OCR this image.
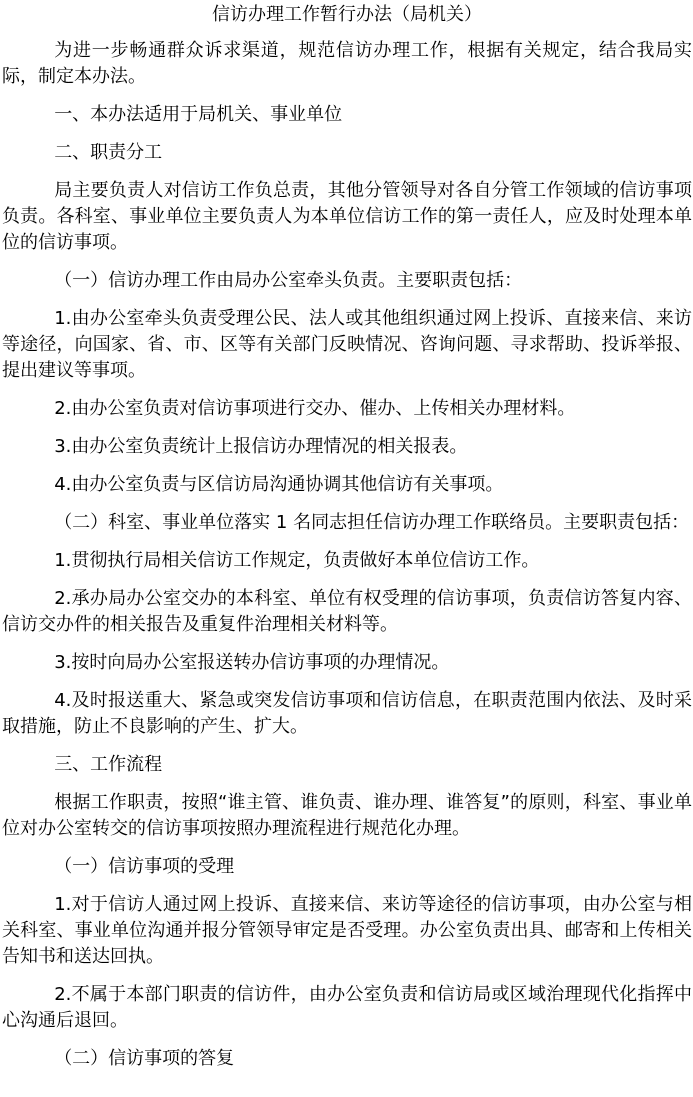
信访办理工作暂行办法（局机关）

为进一步畅通群众诉求渠道，规范信访办理工作，根据有关规定，结合我局实际，制定本办法。

一、本办法适用于局机关、事业单位

二、职责分工

局主要负责人对信访工作负总责，其他分管领导对各自分管工作领域的信访事项负责。各科室、事业单位主要负责人为本单位信访工作的第一责任人，应及时处理本单位的信访事项。

（一）信访办理工作由局办公室牵头负责。主要职责包括：

1.由办公室牵头负责受理公民、法人或其他组织通过网上投诉、直接来信、来访等途径，向国家、省、市、区等有关部门反映情况、咨询问题、寻求帮助、投诉举报、提出建议等事项。

2.由办公室负责对信访事项进行交办、催办、上传相关办理材料。

3.由办公室负责统计上报信访办理情况的相关报表。

4.由办公室负责与区信访局沟通协调其他信访有关事项。

（二）科室、事业单位落实 1 名同志担任信访办理工作联络员。主要职责包括：

1.贯彻执行局相关信访工作规定，负责做好本单位信访工作。

2.承办局办公室交办的本科室、单位有权受理的信访事项，负责信访答复内容、信访交办件的相关报告及重复件治理相关材料等。

3.按时向局办公室报送转办信访事项的办理情况。

4.及时报送重大、紧急或突发信访事项和信访信息，在职责范围内依法、及时采取措施，防止不良影响的产生、扩大。

三、工作流程

根据工作职责，按照“谁主管、谁负责、谁办理、谁答复”的原则，科室、事业单位对办公室转交的信访事项按照办理流程进行规范化办理。

（一）信访事项的受理

1.对于信访人通过网上投诉、直接来信、来访等途径的信访事项，由办公室与相关科室、事业单位沟通并报分管领导审定是否受理。办公室负责出具、邮寄和上传相关告知书和送达回执。

2.不属于本部门职责的信访件，由办公室负责和信访局或区域治理现代化指挥中心沟通后退回。

（二）信访事项的答复
